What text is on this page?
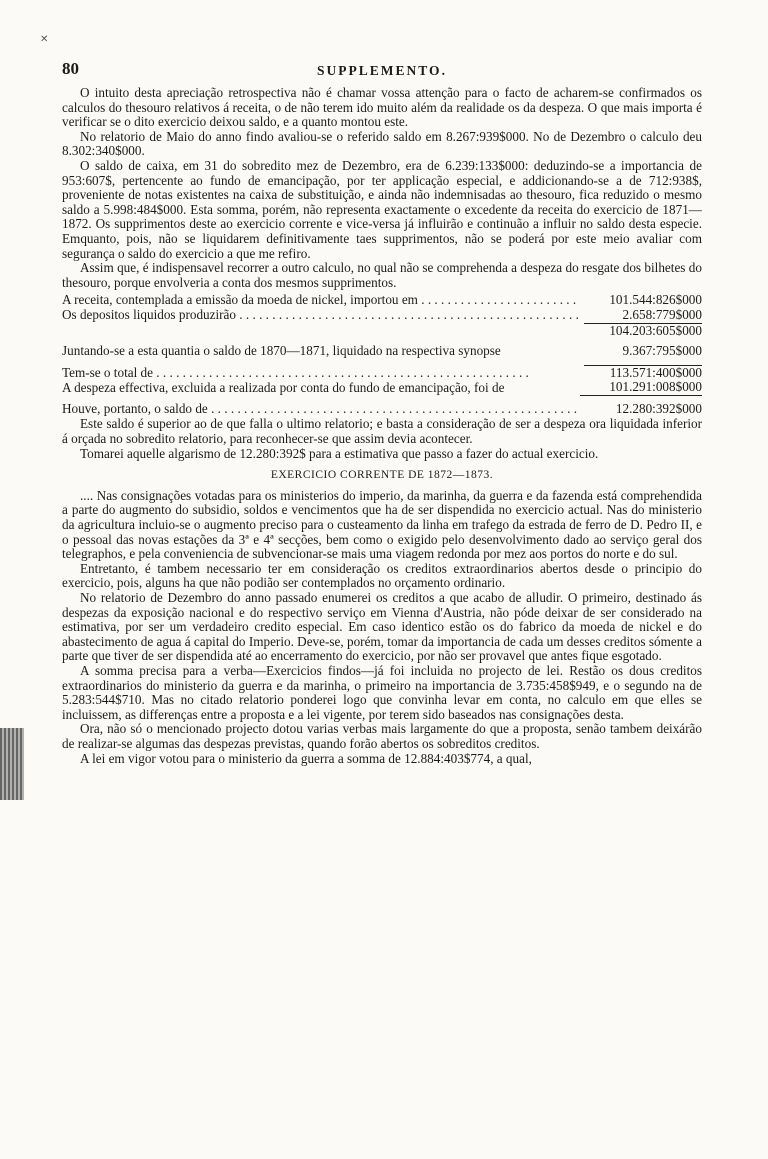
✕
80	SUPPLEMENTO.

O intuito desta apreciação retrospectiva não é chamar vossa attenção para o facto de acharem-se confirmados os calculos do thesouro relativos á receita, o de não terem ido muito além da realidade os da despeza. O que mais importa é verificar se o dito exercicio deixou saldo, e a quanto montou este.

No relatorio de Maio do anno findo avaliou-se o referido saldo em 8.267:939$000. No de Dezembro o calculo deu 8.302:340$000.

O saldo de caixa, em 31 do sobredito mez de Dezembro, era de 6.239:133$000: deduzindo-se a importancia de 953:607$, pertencente ao fundo de emancipação, por ter applicação especial, e addicionando-se a de 712:938$, proveniente de notas existentes na caixa de substituição, e ainda não indemnisadas ao thesouro, fica reduzido o mesmo saldo a 5.998:484$000. Esta somma, porém, não representa exactamente o excedente da receita do exercicio de 1871—1872. Os supprimentos deste ao exercicio corrente e vice-versa já influirão e continuão a influir no saldo desta especie. Emquanto, pois, não se liquidarem definitivamente taes supprimentos, não se poderá por este meio avaliar com segurança o saldo do exercicio a que me refiro.

Assim que, é indispensavel recorrer a outro calculo, no qual não se comprehenda a despeza do resgate dos bilhetes do thesouro, porque envolveria a conta dos mesmos supprimentos.

A receita, contemplada a emissão da moeda de nickel, importou em . . .	101.544:826$000
Os depositos liquidos produzirão . . .	2.658:779$000
104.203:605$000
Juntando-se a esta quantia o saldo de 1870—1871, liquidado na respectiva synopse	9.367:795$000
Tem-se o total de . . .	113.571:400$000
A despeza effectiva, excluida a realizada por conta do fundo de emancipação, foi de	101.291:008$000
Houve, portanto, o saldo de . . .	12.280:392$000

Este saldo é superior ao de que falla o ultimo relatorio; e basta a consideração de ser a despeza ora liquidada inferior á orçada no sobredito relatorio, para reconhecer-se que assim devia acontecer.

Tomarei aquelle algarismo de 12.280:392$ para a estimativa que passo a fazer do actual exercicio.

EXERCICIO CORRENTE DE 1872—1873.

.... Nas consignações votadas para os ministerios do imperio, da marinha, da guerra e da fazenda está comprehendida a parte do augmento do subsidio, soldos e vencimentos que ha de ser dispendida no exercicio actual. Nas do ministerio da agricultura incluio-se o augmento preciso para o custeamento da linha em trafego da estrada de ferro de D. Pedro II, e o pessoal das novas estações da 3ª e 4ª secções, bem como o exigido pelo desenvolvimento dado ao serviço geral dos telegraphos, e pela conveniencia de subvencionar-se mais uma viagem redonda por mez aos portos do norte e do sul.

Entretanto, é tambem necessario ter em consideração os creditos extraordinarios abertos desde o principio do exercicio, pois, alguns ha que não podião ser contemplados no orçamento ordinario.

No relatorio de Dezembro do anno passado enumerei os creditos a que acabo de alludir. O primeiro, destinado ás despezas da exposição nacional e do respectivo serviço em Vienna d'Austria, não póde deixar de ser considerado na estimativa, por ser um verdadeiro credito especial. Em caso identico estão os do fabrico da moeda de nickel e do abastecimento de agua á capital do Imperio. Deve-se, porém, tomar da importancia de cada um desses creditos sómente a parte que tiver de ser dispendida até ao encerramento do exercicio, por não ser provavel que antes fique esgotado.

A somma precisa para a verba—Exercicios findos—já foi incluida no projecto de lei. Restão os dous creditos extraordinarios do ministerio da guerra e da marinha, o primeiro na importancia de 3.735:458$949, e o segundo na de 5.283:544$710. Mas no citado relatorio ponderei logo que convinha levar em conta, no calculo em que elles se incluissem, as differenças entre a proposta e a lei vigente, por terem sido baseados nas consignações desta.

Ora, não só o mencionado projecto dotou varias verbas mais largamente do que a proposta, senão tambem deixárão de realizar-se algumas das despezas previstas, quando forão abertos os sobreditos creditos.

A lei em vigor votou para o ministerio da guerra a somma de 12.884:403$774, a qual,
